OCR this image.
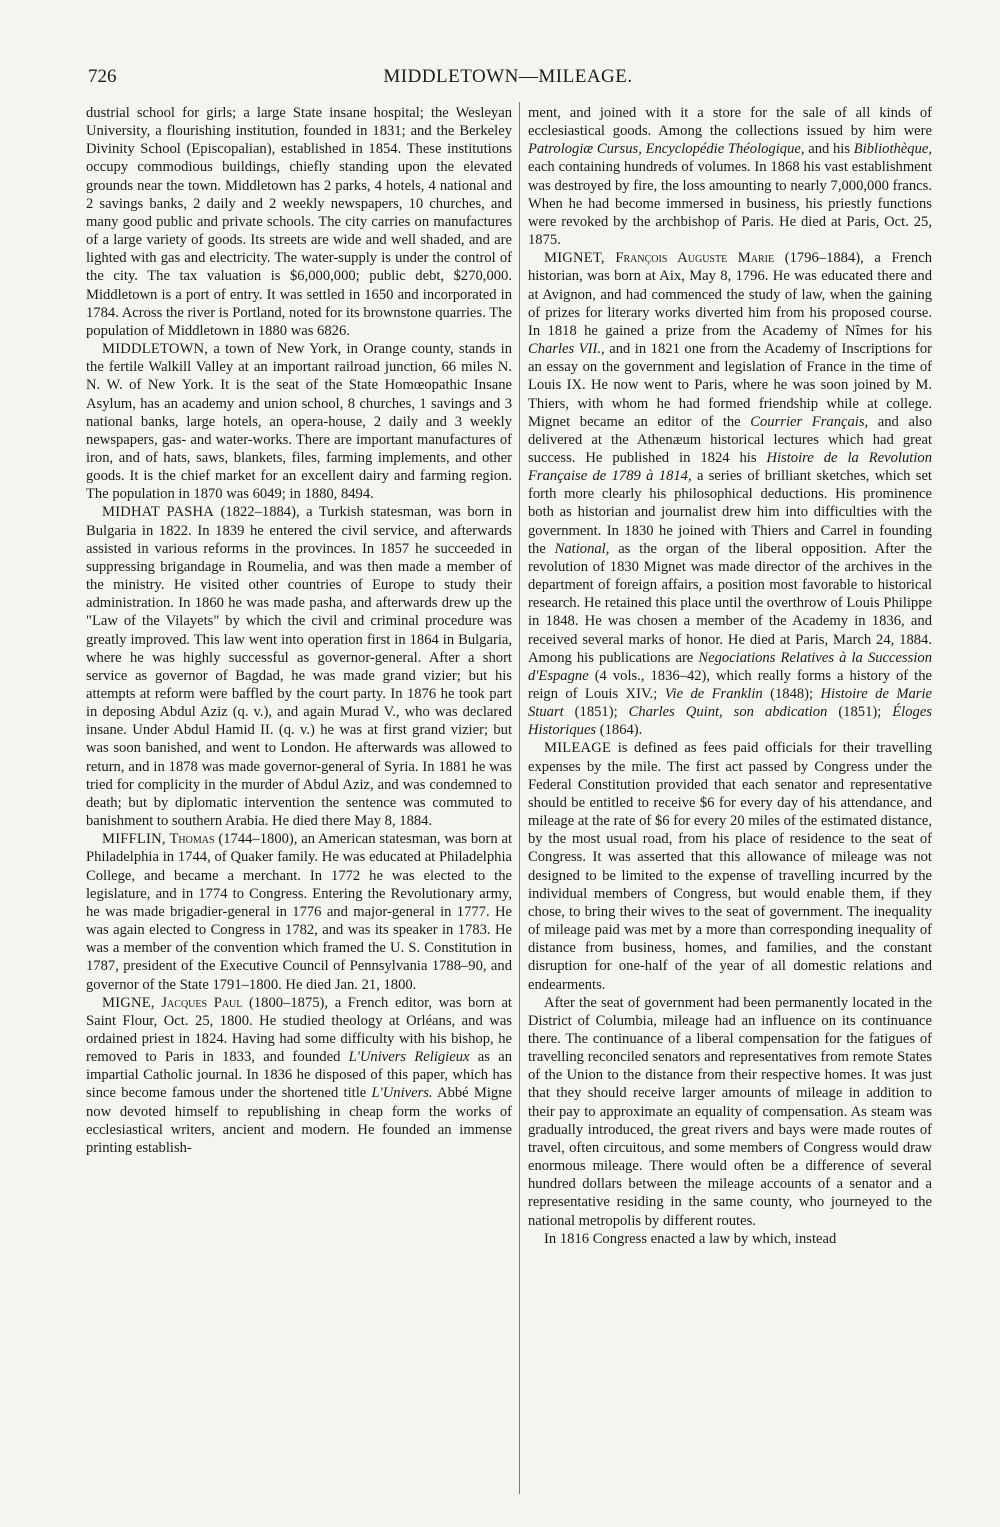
726	MIDDLETOWN—MILEAGE.

dustrial school for girls; a large State insane hospital; the Wesleyan University, a flourishing institution, founded in 1831; and the Berkeley Divinity School (Episcopalian), established in 1854. These institutions occupy commodious buildings, chiefly standing upon the elevated grounds near the town. Middletown has 2 parks, 4 hotels, 4 national and 2 savings banks, 2 daily and 2 weekly newspapers, 10 churches, and many good public and private schools. The city carries on manufactures of a large variety of goods. Its streets are wide and well shaded, and are lighted with gas and electricity. The water-supply is under the control of the city. The tax valuation is $6,000,000; public debt, $270,000. Middletown is a port of entry. It was settled in 1650 and incorporated in 1784. Across the river is Portland, noted for its brownstone quarries. The population of Middletown in 1880 was 6826.

MIDDLETOWN, a town of New York, in Orange county, stands in the fertile Walkill Valley at an important railroad junction, 66 miles N. N. W. of New York. It is the seat of the State Homœopathic Insane Asylum, has an academy and union school, 8 churches, 1 savings and 3 national banks, large hotels, an opera-house, 2 daily and 3 weekly newspapers, gas- and water-works. There are important manufactures of iron, and of hats, saws, blankets, files, farming implements, and other goods. It is the chief market for an excellent dairy and farming region. The population in 1870 was 6049; in 1880, 8494.

MIDHAT PASHA (1822–1884), a Turkish statesman, was born in Bulgaria in 1822. In 1839 he entered the civil service, and afterwards assisted in various reforms in the provinces. In 1857 he succeeded in suppressing brigandage in Roumelia, and was then made a member of the ministry. He visited other countries of Europe to study their administration. In 1860 he was made pasha, and afterwards drew up the "Law of the Vilayets" by which the civil and criminal procedure was greatly improved. This law went into operation first in 1864 in Bulgaria, where he was highly successful as governor-general. After a short service as governor of Bagdad, he was made grand vizier; but his attempts at reform were baffled by the court party. In 1876 he took part in deposing Abdul Aziz (q. v.), and again Murad V., who was declared insane. Under Abdul Hamid II. (q. v.) he was at first grand vizier; but was soon banished, and went to London. He afterwards was allowed to return, and in 1878 was made governor-general of Syria. In 1881 he was tried for complicity in the murder of Abdul Aziz, and was condemned to death; but by diplomatic intervention the sentence was commuted to banishment to southern Arabia. He died there May 8, 1884.

MIFFLIN, Thomas (1744–1800), an American statesman, was born at Philadelphia in 1744, of Quaker family. He was educated at Philadelphia College, and became a merchant. In 1772 he was elected to the legislature, and in 1774 to Congress. Entering the Revolutionary army, he was made brigadier-general in 1776 and major-general in 1777. He was again elected to Congress in 1782, and was its speaker in 1783. He was a member of the convention which framed the U. S. Constitution in 1787, president of the Executive Council of Pennsylvania 1788–90, and governor of the State 1791–1800. He died Jan. 21, 1800.

MIGNE, Jacques Paul (1800–1875), a French editor, was born at Saint Flour, Oct. 25, 1800. He studied theology at Orléans, and was ordained priest in 1824. Having had some difficulty with his bishop, he removed to Paris in 1833, and founded L'Univers Religieux as an impartial Catholic journal. In 1836 he disposed of this paper, which has since become famous under the shortened title L'Univers. Abbé Migne now devoted himself to republishing in cheap form the works of ecclesiastical writers, ancient and modern. He founded an immense printing establish-

ment, and joined with it a store for the sale of all kinds of ecclesiastical goods. Among the collections issued by him were Patrologiæ Cursus, Encyclopédie Théologique, and his Bibliothèque, each containing hundreds of volumes. In 1868 his vast establishment was destroyed by fire, the loss amounting to nearly 7,000,000 francs. When he had become immersed in business, his priestly functions were revoked by the archbishop of Paris. He died at Paris, Oct. 25, 1875.

MIGNET, François Auguste Marie (1796–1884), a French historian, was born at Aix, May 8, 1796. He was educated there and at Avignon, and had commenced the study of law, when the gaining of prizes for literary works diverted him from his proposed course. In 1818 he gained a prize from the Academy of Nîmes for his Charles VII., and in 1821 one from the Academy of Inscriptions for an essay on the government and legislation of France in the time of Louis IX. He now went to Paris, where he was soon joined by M. Thiers, with whom he had formed friendship while at college. Mignet became an editor of the Courrier Français, and also delivered at the Athenæum historical lectures which had great success. He published in 1824 his Histoire de la Revolution Française de 1789 à 1814, a series of brilliant sketches, which set forth more clearly his philosophical deductions. His prominence both as historian and journalist drew him into difficulties with the government. In 1830 he joined with Thiers and Carrel in founding the National, as the organ of the liberal opposition. After the revolution of 1830 Mignet was made director of the archives in the department of foreign affairs, a position most favorable to historical research. He retained this place until the overthrow of Louis Philippe in 1848. He was chosen a member of the Academy in 1836, and received several marks of honor. He died at Paris, March 24, 1884. Among his publications are Negociations Relatives à la Succession d'Espagne (4 vols., 1836–42), which really forms a history of the reign of Louis XIV.; Vie de Franklin (1848); Histoire de Marie Stuart (1851); Charles Quint, son abdication (1851); Éloges Historiques (1864).

MILEAGE is defined as fees paid officials for their travelling expenses by the mile. The first act passed by Congress under the Federal Constitution provided that each senator and representative should be entitled to receive $6 for every day of his attendance, and mileage at the rate of $6 for every 20 miles of the estimated distance, by the most usual road, from his place of residence to the seat of Congress. It was asserted that this allowance of mileage was not designed to be limited to the expense of travelling incurred by the individual members of Congress, but would enable them, if they chose, to bring their wives to the seat of government. The inequality of mileage paid was met by a more than corresponding inequality of distance from business, homes, and families, and the constant disruption for one-half of the year of all domestic relations and endearments.

After the seat of government had been permanently located in the District of Columbia, mileage had an influence on its continuance there. The continuance of a liberal compensation for the fatigues of travelling reconciled senators and representatives from remote States of the Union to the distance from their respective homes. It was just that they should receive larger amounts of mileage in addition to their pay to approximate an equality of compensation. As steam was gradually introduced, the great rivers and bays were made routes of travel, often circuitous, and some members of Congress would draw enormous mileage. There would often be a difference of several hundred dollars between the mileage accounts of a senator and a representative residing in the same county, who journeyed to the national metropolis by different routes.

In 1816 Congress enacted a law by which, instead
